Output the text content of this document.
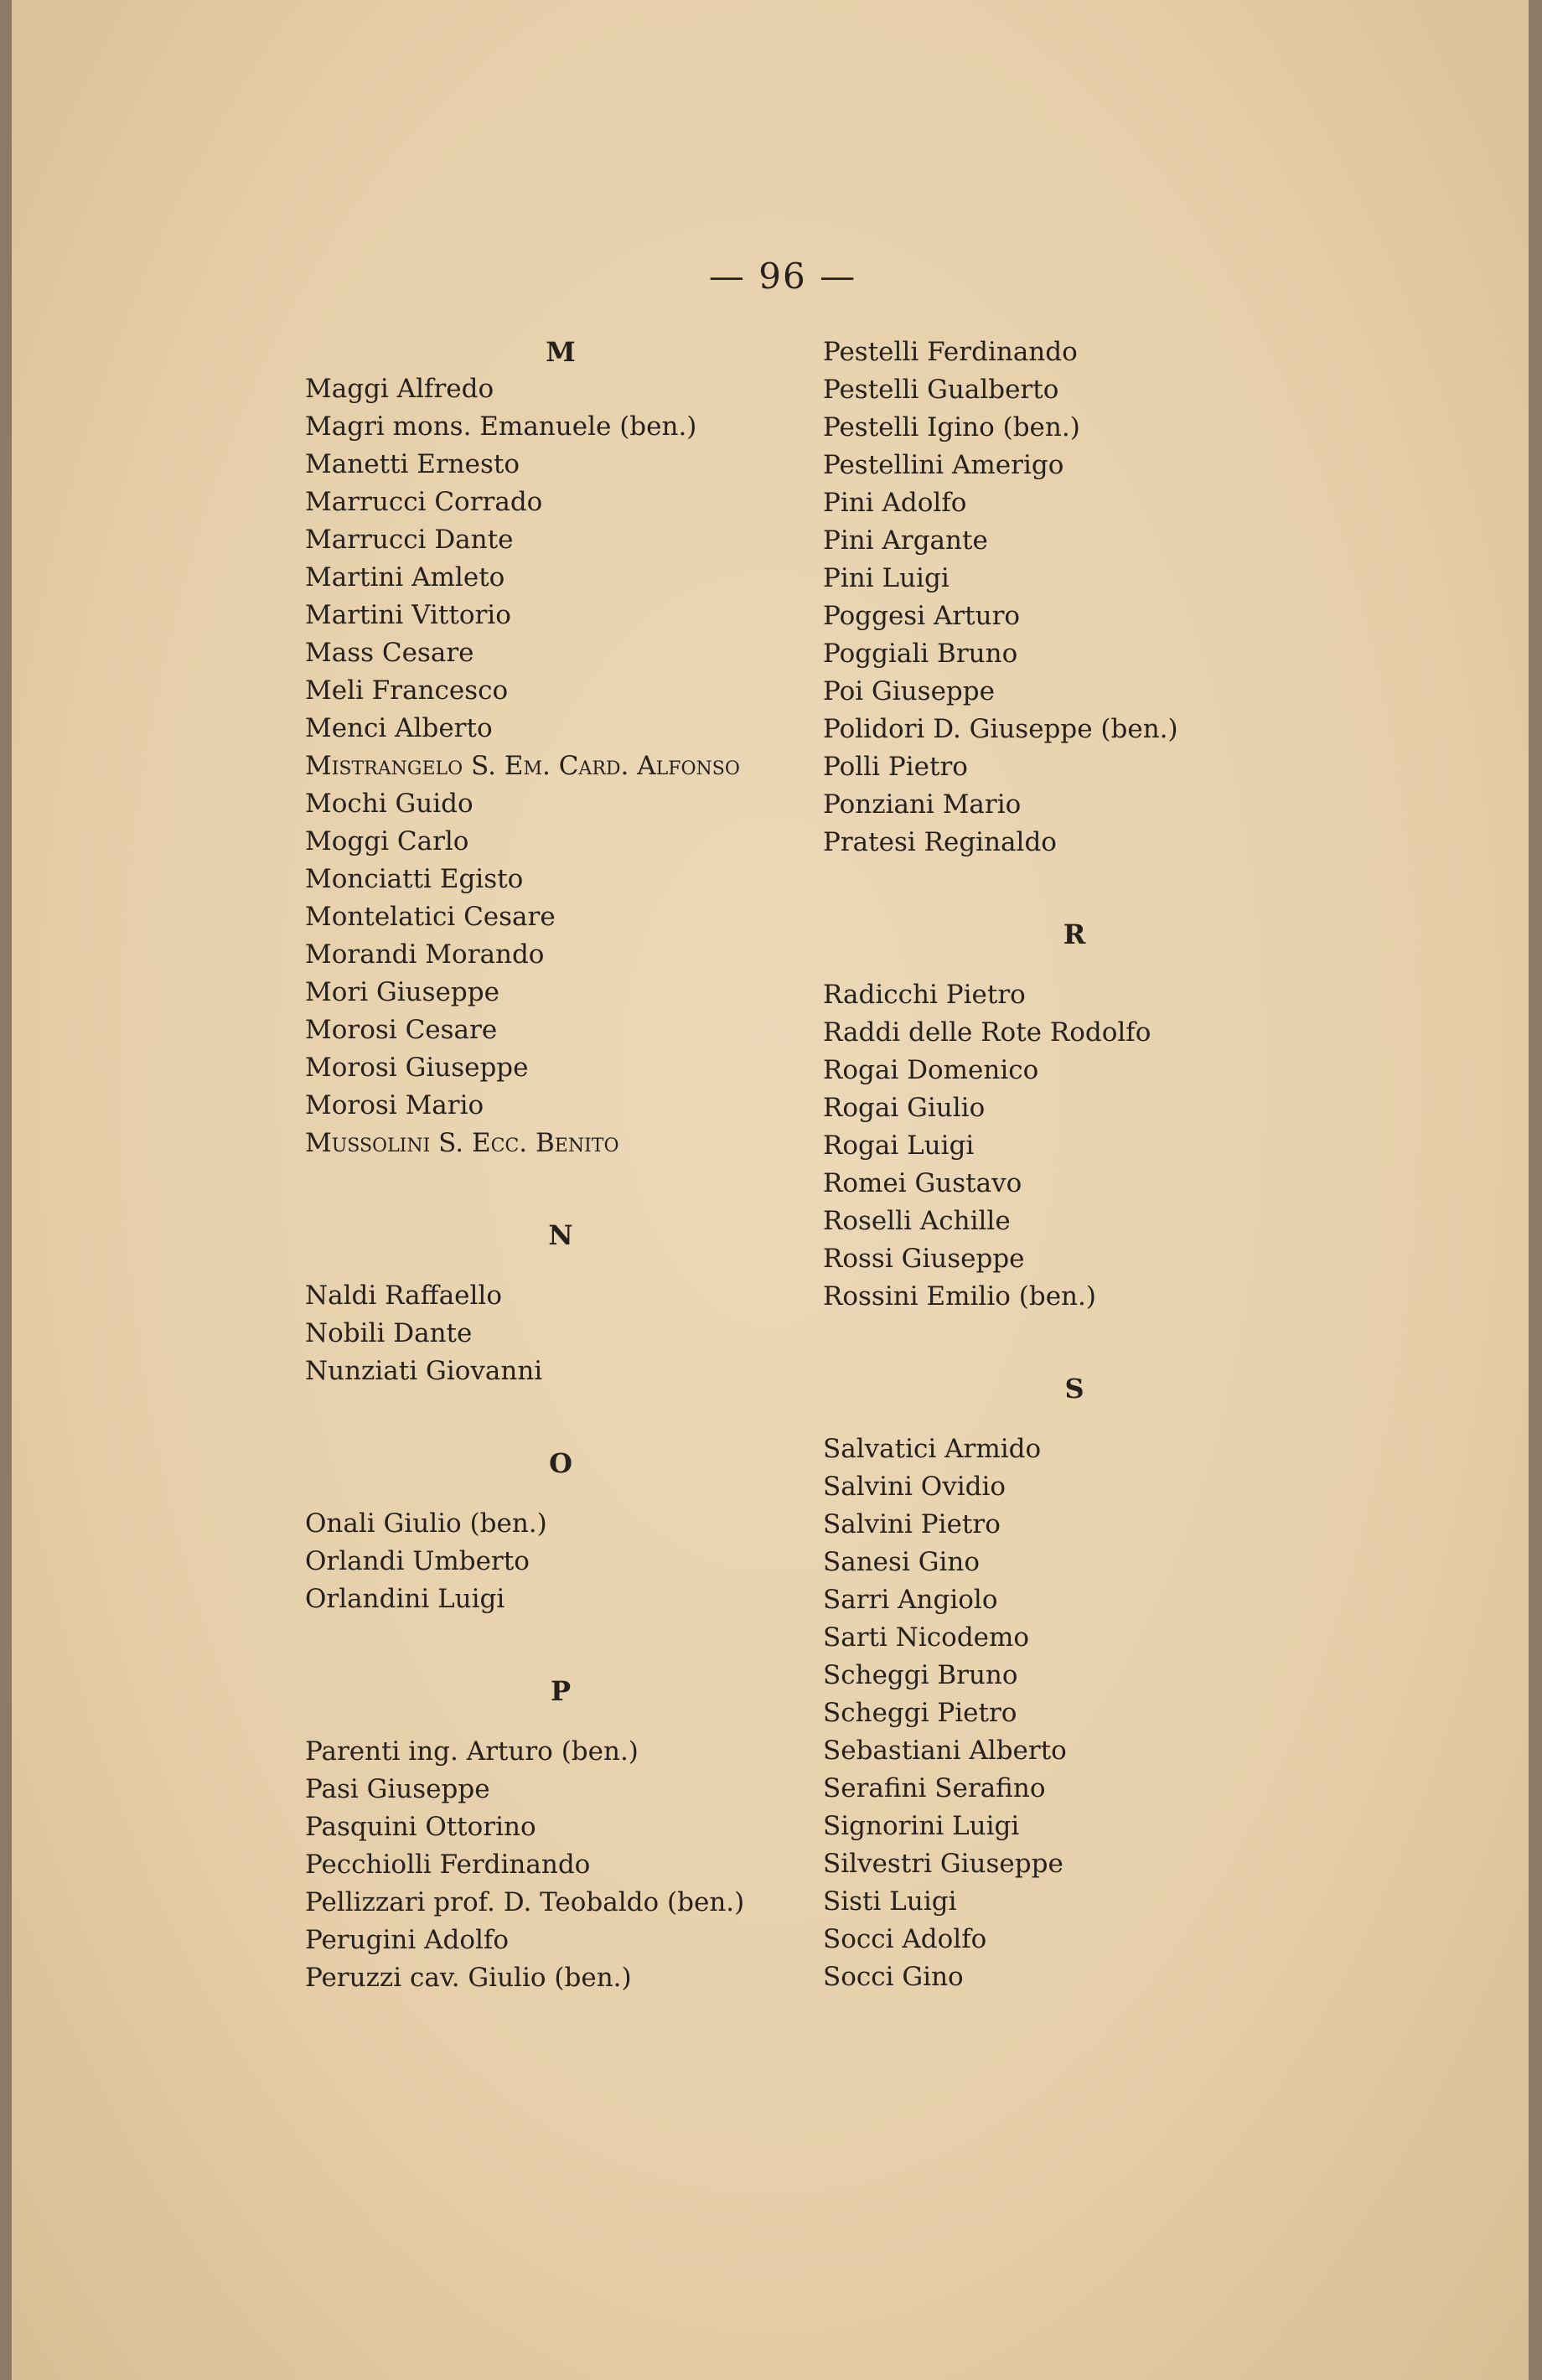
— 96 —
M
Maggi Alfredo
Magri mons. Emanuele (ben.)
Manetti Ernesto
Marrucci Corrado
Marrucci Dante
Martini Amleto
Martini Vittorio
Mass Cesare
Meli Francesco
Menci Alberto
Mistrangelo S. Em. Card. Alfonso
Mochi Guido
Moggi Carlo
Monciatti Egisto
Montelatici Cesare
Morandi Morando
Mori Giuseppe
Morosi Cesare
Morosi Giuseppe
Morosi Mario
Mussolini S. Ecc. Benito
N
Naldi Raffaello
Nobili Dante
Nunziati Giovanni
O
Onali Giulio (ben.)
Orlandi Umberto
Orlandini Luigi
P
Parenti ing. Arturo (ben.)
Pasi Giuseppe
Pasquini Ottorino
Pecchiolli Ferdinando
Pellizzari prof. D. Teobaldo (ben.)
Perugini Adolfo
Peruzzi cav. Giulio (ben.)
Pestelli Ferdinando
Pestelli Gualberto
Pestelli Igino (ben.)
Pestellini Amerigo
Pini Adolfo
Pini Argante
Pini Luigi
Poggesi Arturo
Poggiali Bruno
Poi Giuseppe
Polidori D. Giuseppe (ben.)
Polli Pietro
Ponziani Mario
Pratesi Reginaldo
R
Radicchi Pietro
Raddi delle Rote Rodolfo
Rogai Domenico
Rogai Giulio
Rogai Luigi
Romei Gustavo
Roselli Achille
Rossi Giuseppe
Rossini Emilio (ben.)
S
Salvatici Armido
Salvini Ovidio
Salvini Pietro
Sanesi Gino
Sarri Angiolo
Sarti Nicodemo
Scheggi Bruno
Scheggi Pietro
Sebastiani Alberto
Serafini Serafino
Signorini Luigi
Silvestri Giuseppe
Sisti Luigi
Socci Adolfo
Socci Gino
